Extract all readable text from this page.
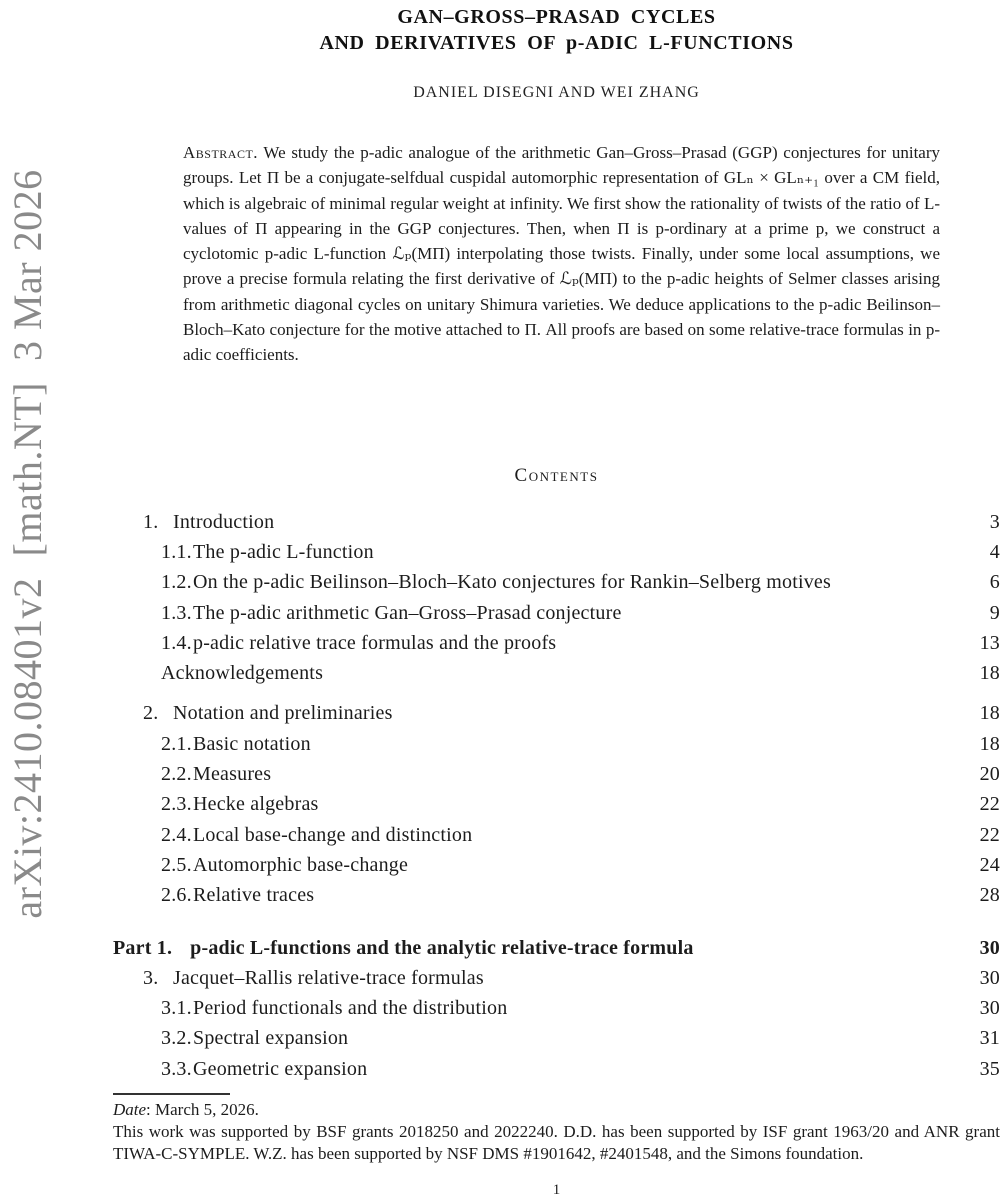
arXiv:2410.08401v2  [math.NT]  3 Mar 2026
GAN–GROSS–PRASAD CYCLES
AND DERIVATIVES OF p-ADIC L-FUNCTIONS
DANIEL DISEGNI AND WEI ZHANG
Abstract. We study the p-adic analogue of the arithmetic Gan–Gross–Prasad (GGP) conjectures for unitary groups. Let Π be a conjugate-selfdual cuspidal automorphic representation of GLₙ × GLₙ₊₁ over a CM field, which is algebraic of minimal regular weight at infinity. We first show the rationality of twists of the ratio of L-values of Π appearing in the GGP conjectures. Then, when Π is p-ordinary at a prime p, we construct a cyclotomic p-adic L-function ℒₚ(MΠ) interpolating those twists. Finally, under some local assumptions, we prove a precise formula relating the first derivative of ℒₚ(MΠ) to the p-adic heights of Selmer classes arising from arithmetic diagonal cycles on unitary Shimura varieties. We deduce applications to the p-adic Beilinson–Bloch–Kato conjecture for the motive attached to Π. All proofs are based on some relative-trace formulas in p-adic coefficients.
Contents
1. Introduction	3
1.1. The p-adic L-function	4
1.2. On the p-adic Beilinson–Bloch–Kato conjectures for Rankin–Selberg motives	6
1.3. The p-adic arithmetic Gan–Gross–Prasad conjecture	9
1.4. p-adic relative trace formulas and the proofs	13
Acknowledgements	18
2. Notation and preliminaries	18
2.1. Basic notation	18
2.2. Measures	20
2.3. Hecke algebras	22
2.4. Local base-change and distinction	22
2.5. Automorphic base-change	24
2.6. Relative traces	28
Part 1. p-adic L-functions and the analytic relative-trace formula	30
3. Jacquet–Rallis relative-trace formulas	30
3.1. Period functionals and the distribution	30
3.2. Spectral expansion	31
3.3. Geometric expansion	35
Date: March 5, 2026.
This work was supported by BSF grants 2018250 and 2022240. D.D. has been supported by ISF grant 1963/20 and ANR grant TIWA-C-SYMPLE. W.Z. has been supported by NSF DMS #1901642, #2401548, and the Simons foundation.
1
